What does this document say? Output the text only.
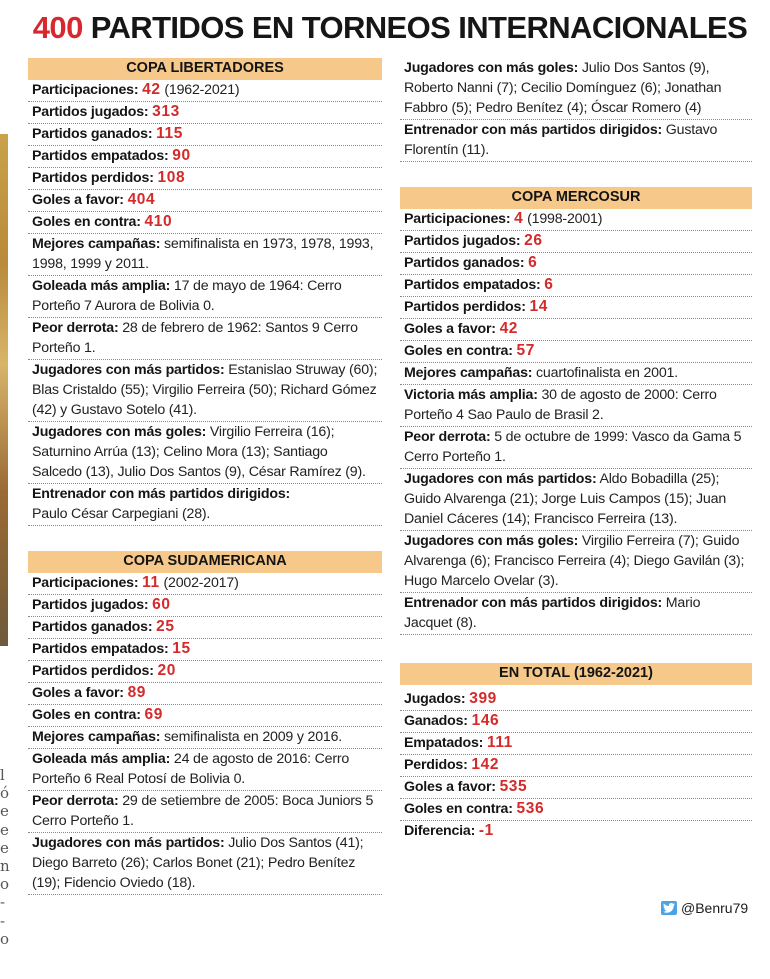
l
ó
e
e
e
n
o
-
-
o
400 PARTIDOS EN TORNEOS INTERNACIONALES
COPA LIBERTADORES
Participaciones: 42 (1962-2021)
Partidos jugados: 313
Partidos ganados: 115
Partidos empatados: 90
Partidos perdidos: 108
Goles a favor: 404
Goles en contra: 410
Mejores campañas: semifinalista en 1973, 1978, 1993, 1998, 1999 y 2011.
Goleada más amplia: 17 de mayo de 1964: Cerro Porteño 7 Aurora de Bolivia 0.
Peor derrota: 28 de febrero de 1962: Santos 9 Cerro Porteño 1.
Jugadores con más partidos: Estanislao Struway (60); Blas Cristaldo (55); Virgilio Ferreira (50); Richard Gómez (42) y Gustavo Sotelo (41).
Jugadores con más goles: Virgilio Ferreira (16); Saturnino Arrúa (13); Celino Mora (13); Santiago Salcedo (13), Julio Dos Santos (9), César Ramírez (9).
Entrenador con más partidos dirigidos:
Paulo César Carpegiani (28).
COPA SUDAMERICANA
Participaciones: 11 (2002-2017)
Partidos jugados: 60
Partidos ganados: 25
Partidos empatados: 15
Partidos perdidos: 20
Goles a favor: 89
Goles en contra: 69
Mejores campañas: semifinalista en 2009 y 2016.
Goleada más amplia: 24 de agosto de 2016: Cerro Porteño 6 Real Potosí de Bolivia 0.
Peor derrota: 29 de setiembre de 2005: Boca Juniors 5 Cerro Porteño 1.
Jugadores con más partidos: Julio Dos Santos (41); Diego Barreto (26); Carlos Bonet (21); Pedro Benítez (19); Fidencio Oviedo (18).
Jugadores con más goles: Julio Dos Santos (9), Roberto Nanni (7); Cecilio Domínguez (6); Jonathan Fabbro (5); Pedro Benítez (4); Óscar Romero (4)
Entrenador con más partidos dirigidos: Gustavo Florentín (11).
COPA MERCOSUR
Participaciones: 4 (1998-2001)
Partidos jugados: 26
Partidos ganados: 6
Partidos empatados: 6
Partidos perdidos: 14
Goles a favor: 42
Goles en contra: 57
Mejores campañas: cuartofinalista en 2001.
Victoria más amplia: 30 de agosto de 2000: Cerro Porteño 4 Sao Paulo de Brasil 2.
Peor derrota: 5 de octubre de 1999: Vasco da Gama 5 Cerro Porteño 1.
Jugadores con más partidos: Aldo Bobadilla (25); Guido Alvarenga (21); Jorge Luis Campos (15); Juan Daniel Cáceres (14); Francisco Ferreira (13).
Jugadores con más goles: Virgilio Ferreira (7); Guido Alvarenga (6); Francisco Ferreira (4); Diego Gavilán (3); Hugo Marcelo Ovelar (3).
Entrenador con más partidos dirigidos: Mario Jacquet (8).
EN TOTAL (1962-2021)
Jugados: 399
Ganados: 146
Empatados: 111
Perdidos: 142
Goles a favor: 535
Goles en contra: 536
Diferencia: -1
@Benru79
